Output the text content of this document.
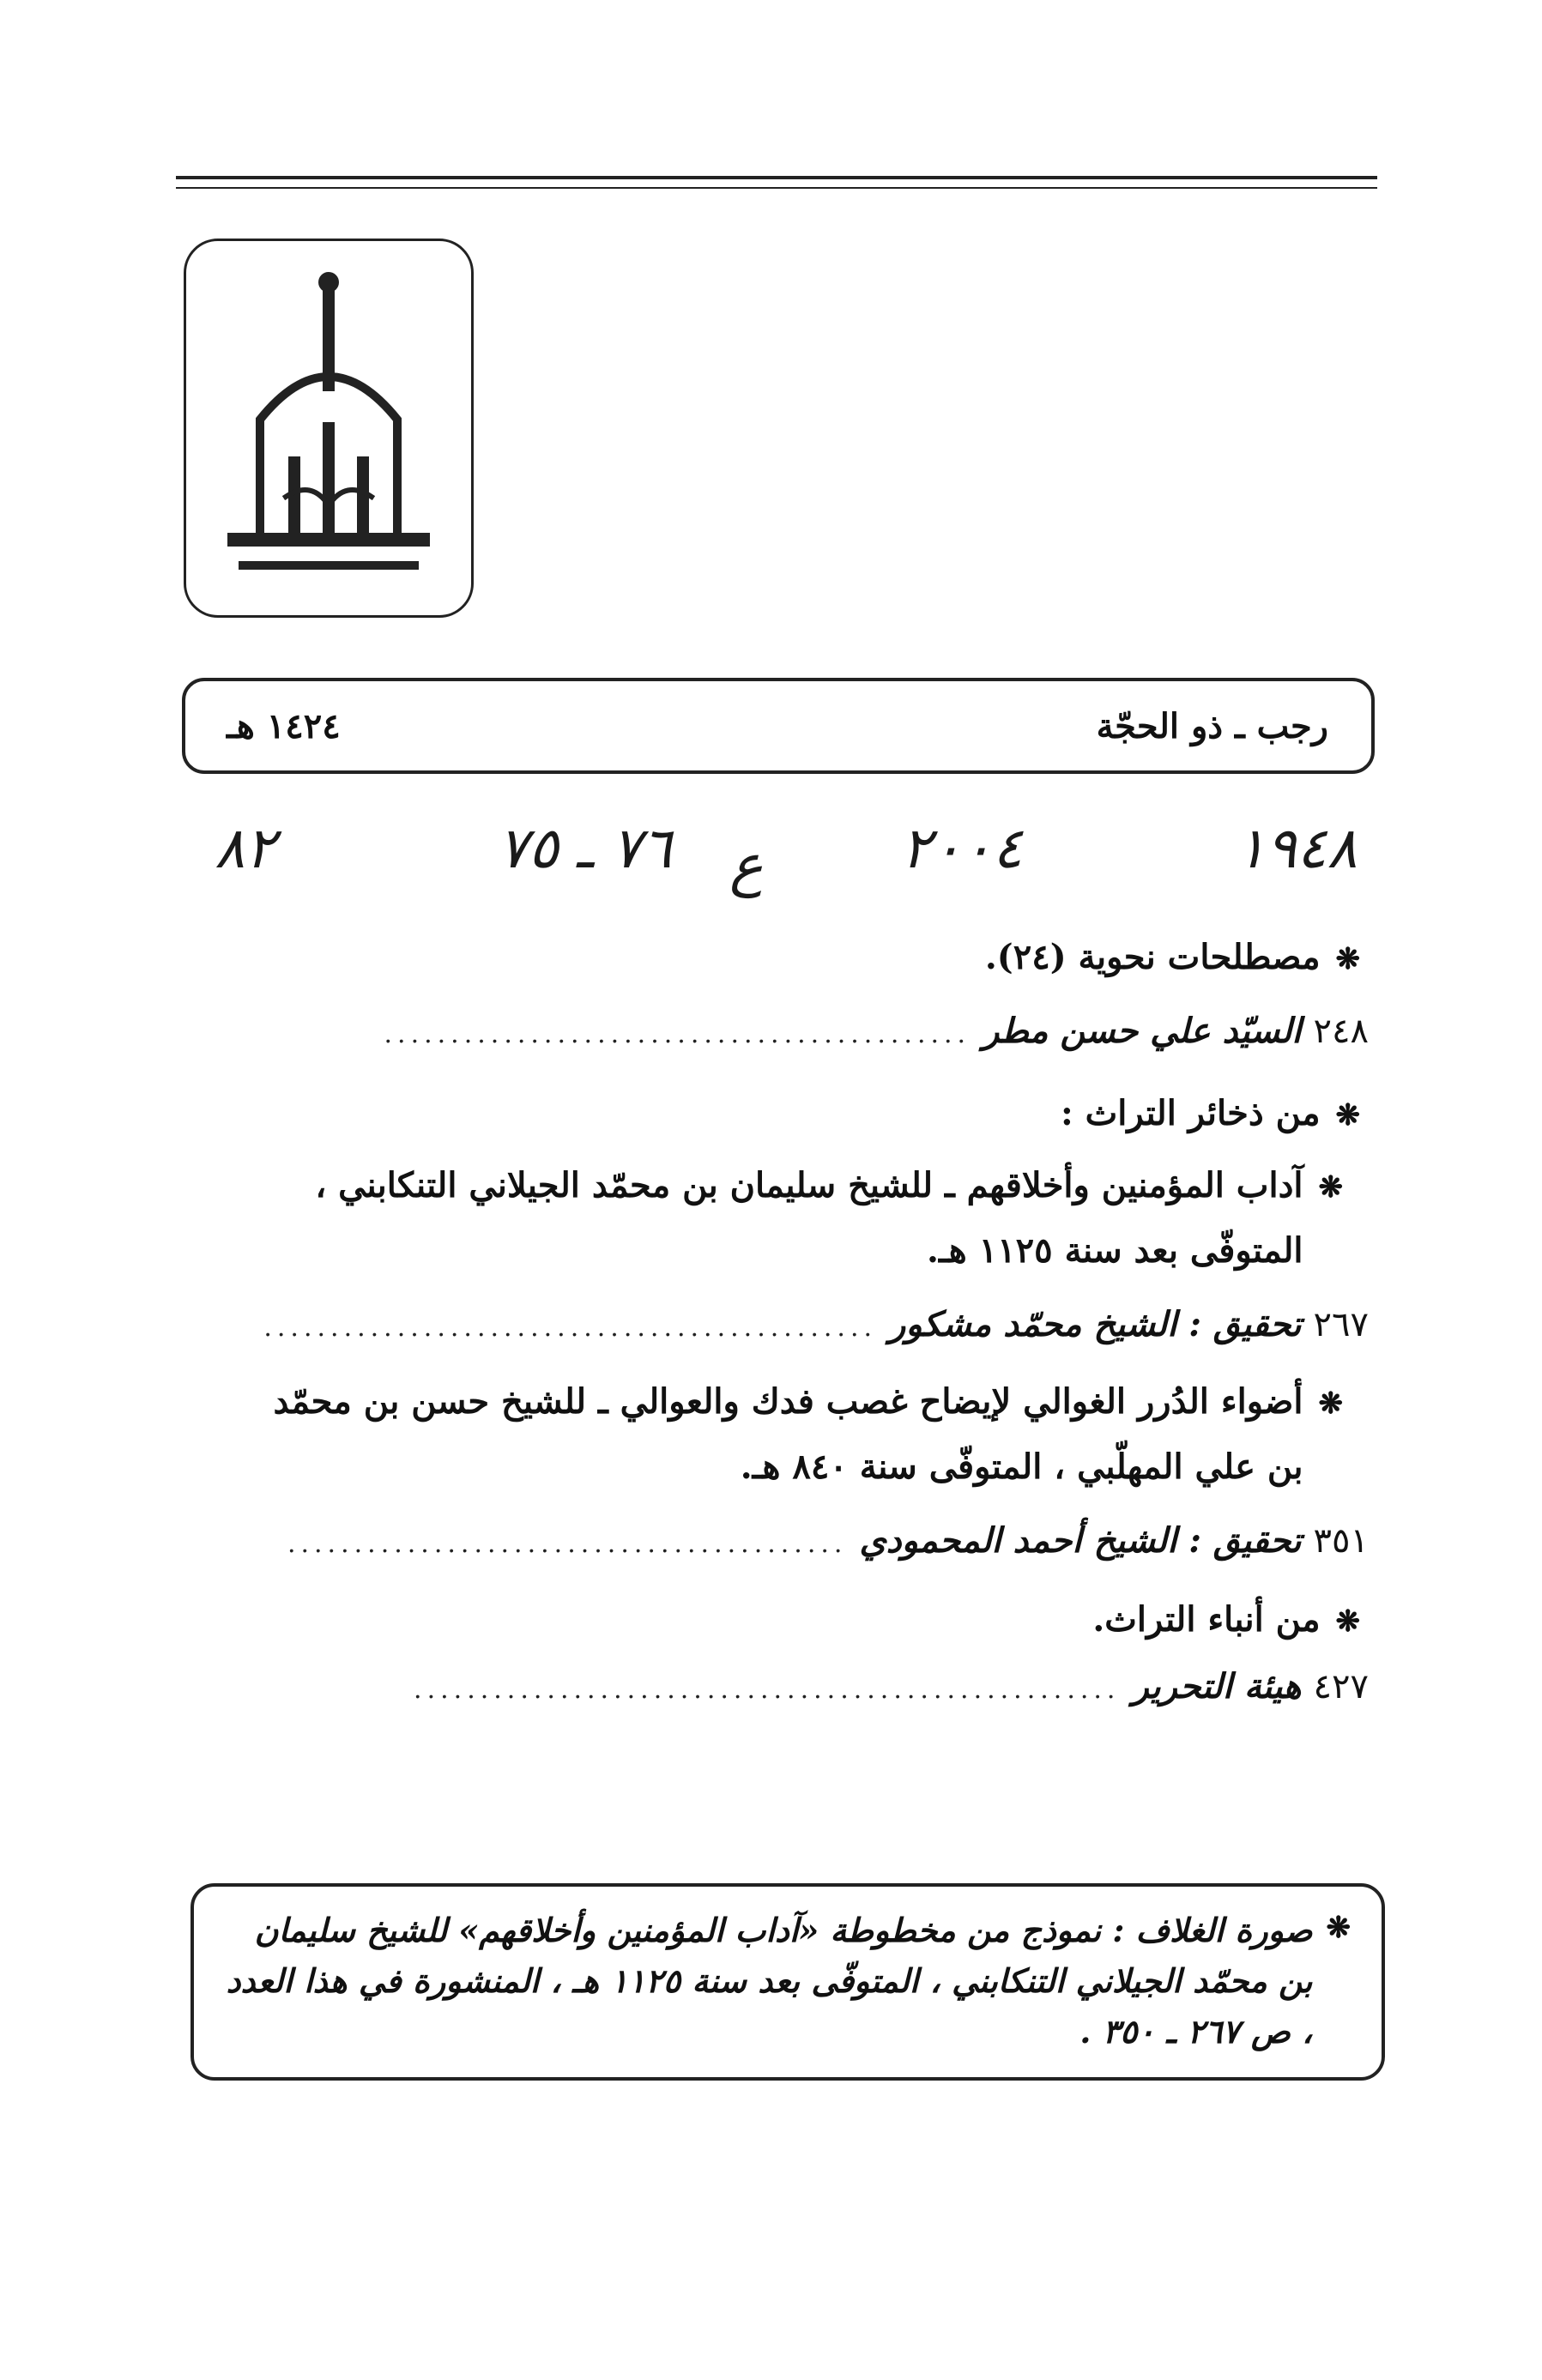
رجب ـ ذو الحجّة
١٤٢٤ هـ
٨٢	٧٦ ـ ٧٥ ع ٢٠٠٤	١٩٤٨

❋
مصطلحات نحوية (٢٤).

٢٤٨
السيّد علي حسن مطر
............................................

❋
من ذخائر التراث :

❋
آداب المؤمنين وأخلاقهم ـ للشيخ سليمان بن محمّد الجيلاني التنكابني ، المتوفّى بعد سنة ١١٢٥ هـ.

٢٦٧
تحقيق : الشيخ محمّد مشكور
..............................................

❋
أضواء الدُرر الغوالي لإيضاح غصب فدك والعوالي ـ للشيخ حسن بن محمّد بن علي المهلّبي ، المتوفّى سنة ٨٤٠ هـ.

٣٥١
تحقيق : الشيخ أحمد المحمودي
..........................................

❋
من أنباء التراث.

٤٢٧
هيئة التحرير
.....................................................

❋
صورة الغلاف : نموذج من مخطوطة «آداب المؤمنين وأخلاقهم» للشيخ سليمان بن محمّد الجيلاني التنكابني ، المتوفّى بعد سنة ١١٢٥ هـ ، المنشورة في هذا العدد ، ص ٢٦٧ ـ ٣٥٠ .
